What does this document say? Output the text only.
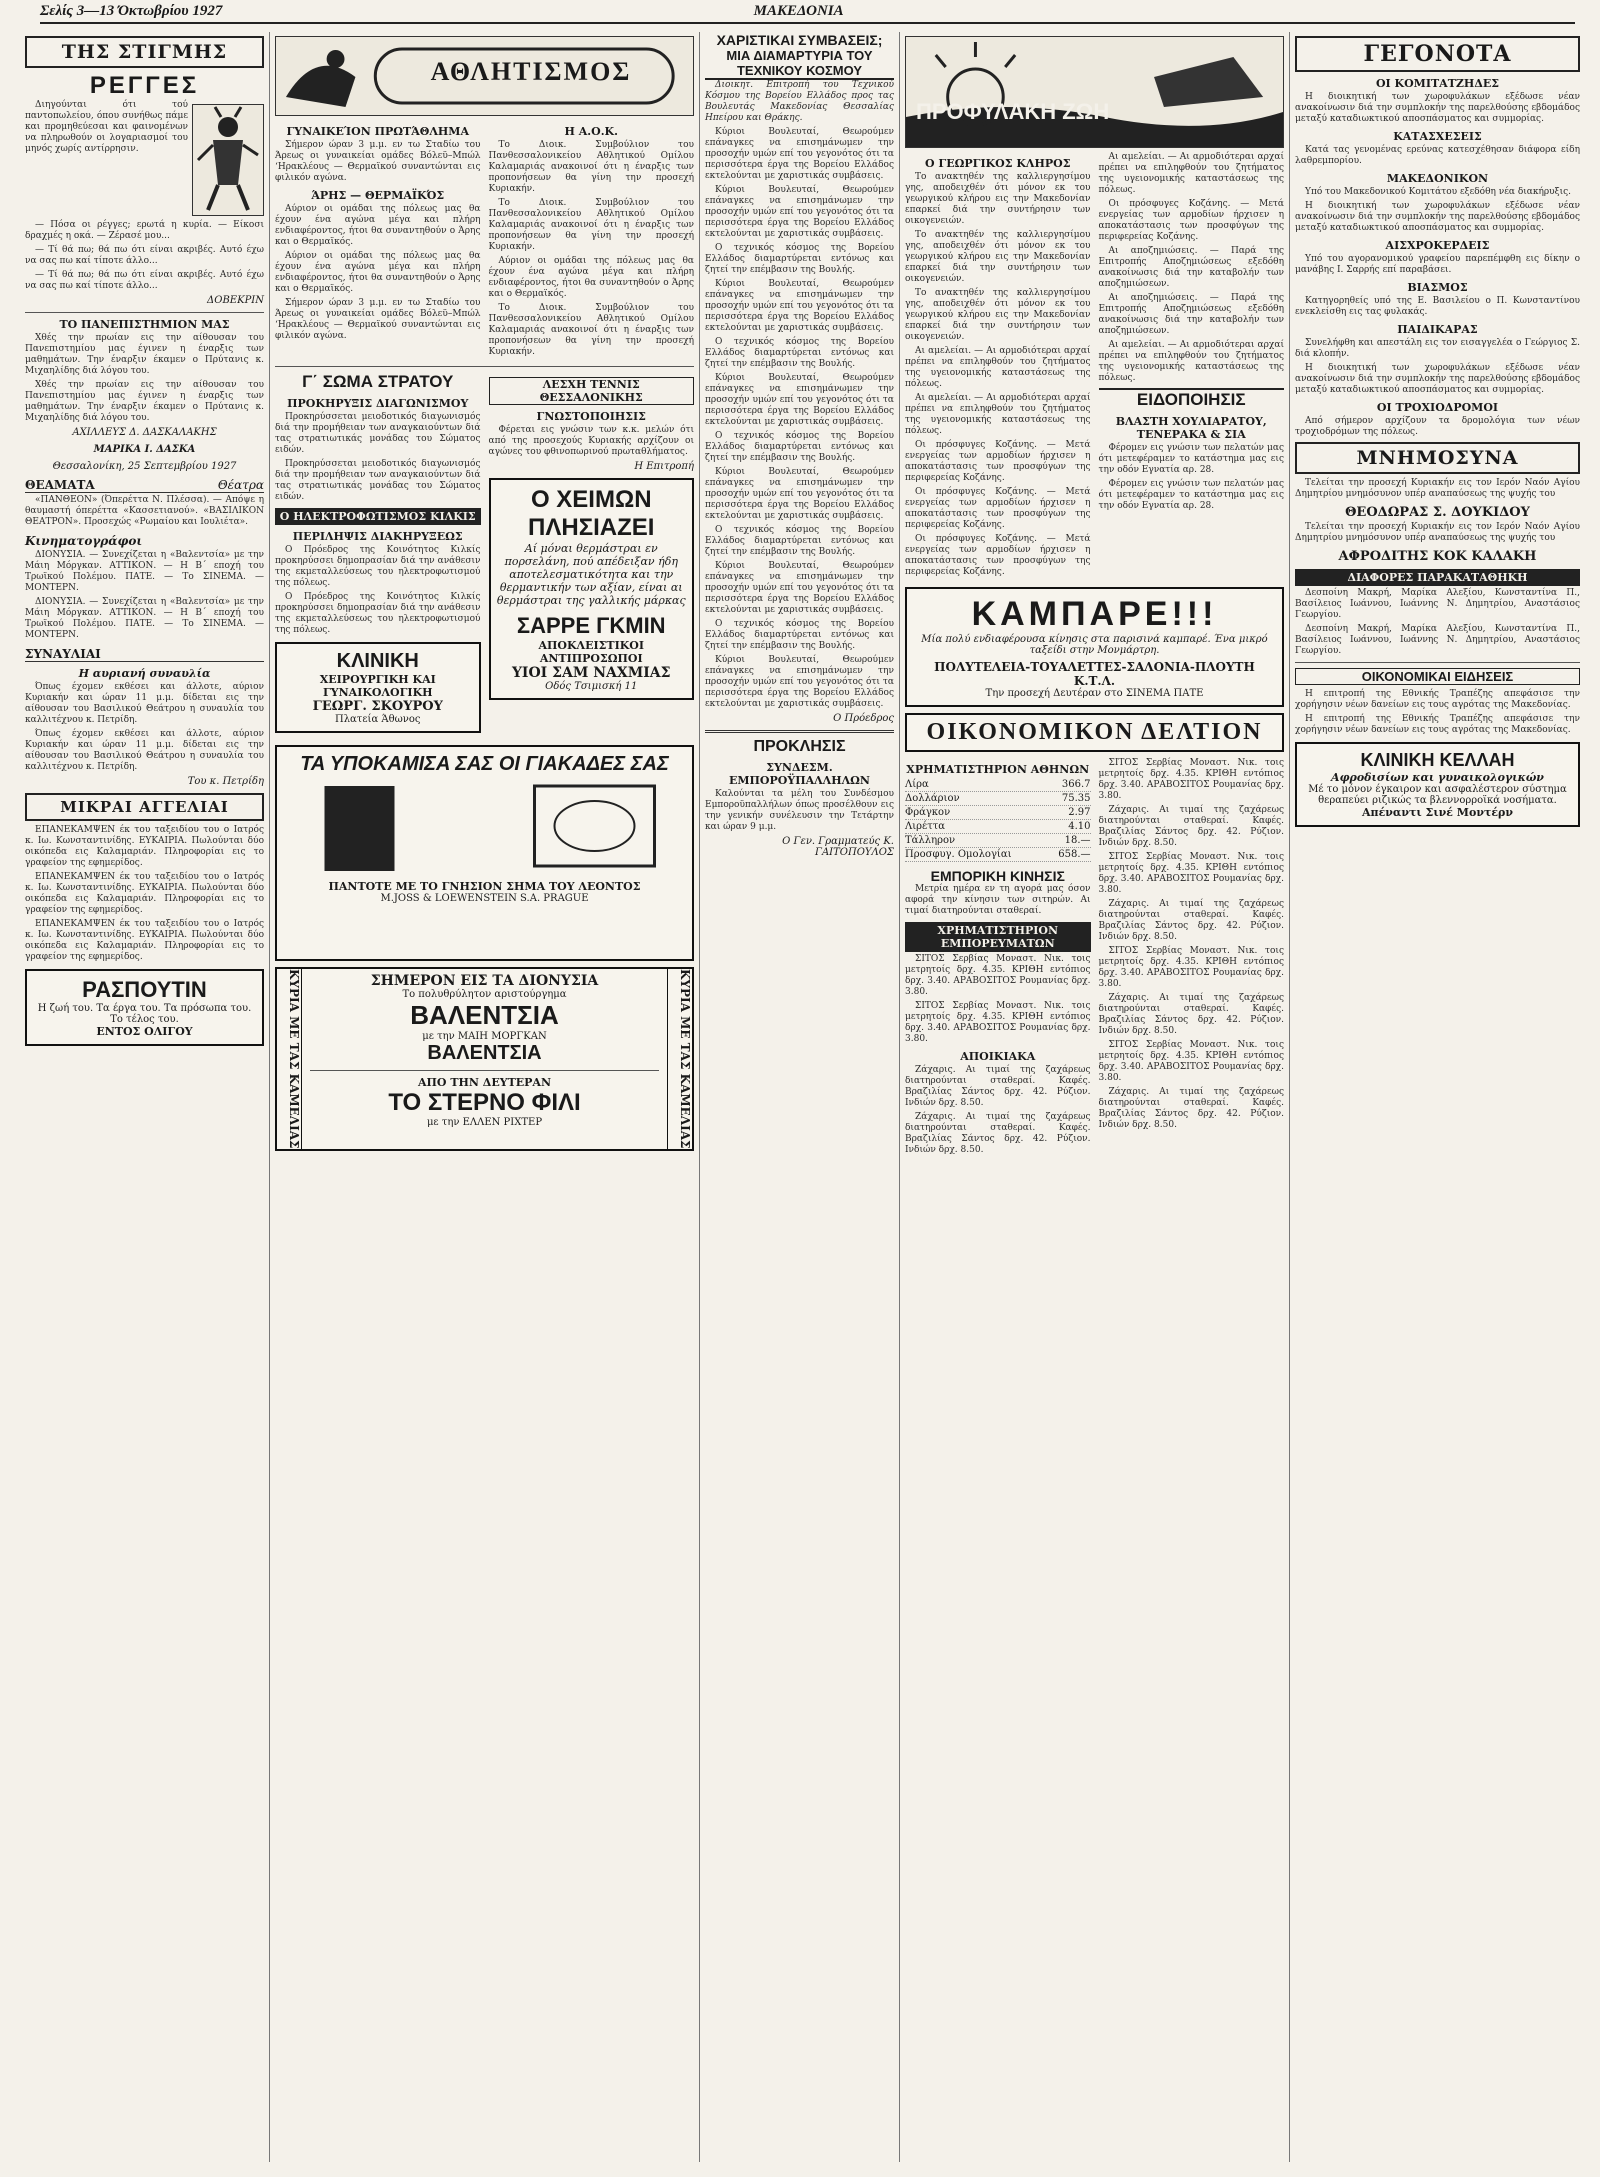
Σελίς 3—13 Όκτωβρίου 1927	ΜΑΚΕΔΟΝΙΑ
ΤΗΣ ΣΤΙΓΜΗΣ
ΡΕΓΓΕΣ

Διηγούνται ότι τού παντοπωλείου, όπου συνήθως πάμε και προμηθεύεσαι και φαινομένων να πληρωθούν οι λογαριασμοί του μηνός χωρίς αντίρρησιν.

— Πόσα οι ρέγγες; ερωτά η κυρία. — Είκοσι δραχμές η οκά. — Ζέρασέ μου...

— Τί θά πω; θά πω ότι είναι ακριβές. Αυτό έχω να σας πω καί τίποτε άλλο...

— Τί θά πω; θά πω ότι είναι ακριβές. Αυτό έχω να σας πω καί τίποτε άλλο...

ΔΟΒΕΚΡΙΝ
ΤΟ ΠΑΝΕΠΙΣΤΗΜΙΟΝ ΜΑΣ

Χθές την πρωίαν εις την αίθουσαν του Πανεπιστημίου μας έγινεν η έναρξις των μαθημάτων. Την έναρξιν έκαμεν ο Πρύτανις κ. Μιχαηλίδης διά λόγου του.

Χθές την πρωίαν εις την αίθουσαν του Πανεπιστημίου μας έγινεν η έναρξις των μαθημάτων. Την έναρξιν έκαμεν ο Πρύτανις κ. Μιχαηλίδης διά λόγου του.

ΑΧΙΛΛΕΥΣ Δ. ΔΑΣΚΑΛΑΚΗΣ
ΜΑΡΙΚΑ Ι. ΔΑΣΚΑ
Θεσσαλονίκη, 25 Σεπτεμβρίου 1927
ΘΕΑΜΑΤΑ	Θέατρα

«ΠΑΝΘΕΟΝ» (Όπερέττα Ν. Πλέσσα). — Απόψε η θαυμαστή όπερέττα «Κασσετιανού». «ΒΑΣΙΛΙΚΟΝ ΘΕΑΤΡΟΝ». Προσεχώς «Ρωμαίου και Ιουλιέτα».

Κινηματογράφοι

ΔΙΟΝΥΣΙΑ. — Συνεχίζεται η «Βαλεντσία» με την Μάιη Μόργκαν. ΑΤΤΙΚΟΝ. — Η Β΄ εποχή του Τρωϊκού Πολέμου. ΠΑΤΕ. — Το ΣΙΝΕΜΑ. — ΜΟΝΤΕΡΝ.

ΔΙΟΝΥΣΙΑ. — Συνεχίζεται η «Βαλεντσία» με την Μάιη Μόργκαν. ΑΤΤΙΚΟΝ. — Η Β΄ εποχή του Τρωϊκού Πολέμου. ΠΑΤΕ. — Το ΣΙΝΕΜΑ. — ΜΟΝΤΕΡΝ.

ΣΥΝΑΥΛΙΑΙ
Η αυριανή συναυλία

Όπως έχομεν εκθέσει και άλλοτε, αύριον Κυριακήν και ώραν 11 μ.μ. δίδεται εις την αίθουσαν του Βασιλικού Θεάτρου η συναυλία του καλλιτέχνου κ. Πετρίδη.

Όπως έχομεν εκθέσει και άλλοτε, αύριον Κυριακήν και ώραν 11 μ.μ. δίδεται εις την αίθουσαν του Βασιλικού Θεάτρου η συναυλία του καλλιτέχνου κ. Πετρίδη.

Του κ. Πετρίδη
ΜΙΚΡΑΙ ΑΓΓΕΛΙΑΙ

ΕΠΑΝΕΚΑΜΨΕΝ έκ του ταξειδίου του ο Ιατρός κ. Ιω. Κωνσταντινίδης. ΕΥΚΑΙΡΙΑ. Πωλούνται δύο οικόπεδα εις Καλαμαριάν. Πληροφορίαι εις το γραφείον της εφημερίδος.

ΕΠΑΝΕΚΑΜΨΕΝ έκ του ταξειδίου του ο Ιατρός κ. Ιω. Κωνσταντινίδης. ΕΥΚΑΙΡΙΑ. Πωλούνται δύο οικόπεδα εις Καλαμαριάν. Πληροφορίαι εις το γραφείον της εφημερίδος.

ΕΠΑΝΕΚΑΜΨΕΝ έκ του ταξειδίου του ο Ιατρός κ. Ιω. Κωνσταντινίδης. ΕΥΚΑΙΡΙΑ. Πωλούνται δύο οικόπεδα εις Καλαμαριάν. Πληροφορίαι εις το γραφείον της εφημερίδος.

ΡΑΣΠΟΥΤΙΝ
Η ζωή του. Τα έργα του. Τα πρόσωπα του. Το τέλος του.
ΕΝΤΟΣ ΟΛΙΓΟΥ
ΑΘΛΗΤΙΣΜΟΣ
ΓΥΝΑΙΚΕΊΟΝ ΠΡΩΤΆΘΛΗΜΑ

Σήμερον ώραν 3 μ.μ. εν τω Σταδίω του Άρεως οι γυναικείαι ομάδες Βόλεϋ–Μπώλ ‘Ηρακλέους — Θερμαϊκού συναντώνται εις φιλικόν αγώνα.

ΆΡΗΣ — ΘΕΡΜΑΪΚΌΣ

Αύριον οι ομάδαι της πόλεως μας θα έχουν ένα αγώνα μέγα και πλήρη ενδιαφέροντος, ήτοι θα συναντηθούν ο Άρης και ο Θερμαϊκός.

Αύριον οι ομάδαι της πόλεως μας θα έχουν ένα αγώνα μέγα και πλήρη ενδιαφέροντος, ήτοι θα συναντηθούν ο Άρης και ο Θερμαϊκός.

Σήμερον ώραν 3 μ.μ. εν τω Σταδίω του Άρεως οι γυναικείαι ομάδες Βόλεϋ–Μπώλ ‘Ηρακλέους — Θερμαϊκού συναντώνται εις φιλικόν αγώνα.

Η Α.Ο.Κ.

Το Διοικ. Συμβούλιον του Πανθεσσαλονικείου Αθλητικού Ομίλου Καλαμαριάς ανακοινοί ότι η έναρξις των προπονήσεων θα γίνη την προσεχή Κυριακήν.

Το Διοικ. Συμβούλιον του Πανθεσσαλονικείου Αθλητικού Ομίλου Καλαμαριάς ανακοινοί ότι η έναρξις των προπονήσεων θα γίνη την προσεχή Κυριακήν.

Αύριον οι ομάδαι της πόλεως μας θα έχουν ένα αγώνα μέγα και πλήρη ενδιαφέροντος, ήτοι θα συναντηθούν ο Άρης και ο Θερμαϊκός.

Το Διοικ. Συμβούλιον του Πανθεσσαλονικείου Αθλητικού Ομίλου Καλαμαριάς ανακοινοί ότι η έναρξις των προπονήσεων θα γίνη την προσεχή Κυριακήν.

Γ΄ ΣΩΜΑ ΣΤΡΑΤΟΥ
ΠΡΟΚΗΡΥΞΙΣ ΔΙΑΓΩΝΙΣΜΟΥ

Προκηρύσσεται μειοδοτικός διαγωνισμός διά την προμήθειαν των αναγκαιούντων διά τας στρατιωτικάς μονάδας του Σώματος ειδών.

Προκηρύσσεται μειοδοτικός διαγωνισμός διά την προμήθειαν των αναγκαιούντων διά τας στρατιωτικάς μονάδας του Σώματος ειδών.

Ο ΗΛΕΚΤΡΟΦΩΤΙΣΜΟΣ ΚΙΛΚΙΣ
ΠΕΡΙΛΗΨΙΣ ΔΙΑΚΗΡΥΞΕΩΣ

Ο Πρόεδρος της Κοινότητος Κιλκίς προκηρύσσει δημοπρασίαν διά την ανάθεσιν της εκμεταλλεύσεως του ηλεκτροφωτισμού της πόλεως.

Ο Πρόεδρος της Κοινότητος Κιλκίς προκηρύσσει δημοπρασίαν διά την ανάθεσιν της εκμεταλλεύσεως του ηλεκτροφωτισμού της πόλεως.

ΚΛΙΝΙΚΗ
ΧΕΙΡΟΥΡΓΙΚΗ ΚΑΙ ΓΥΝΑΙΚΟΛΟΓΙΚΗ
ΓΕΩΡΓ. ΣΚΟΥΡΟΥ
Πλατεία Άθωνος
ΛΕΣΧΗ ΤΕΝΝΙΣ ΘΕΣΣΑΛΟΝΙΚΗΣ
ΓΝΩΣΤΟΠΟΙΗΣΙΣ

Φέρεται εις γνώσιν των κ.κ. μελών ότι από της προσεχούς Κυριακής αρχίζουν οι αγώνες του φθινοπωρινού πρωταθλήματος.

Η Επιτροπή
Ο ΧΕΙΜΩΝ ΠΛΗΣΙΑΖΕΙ
Αί μόναι θερμάστραι εν πορσελάνη, πού απέδειξαν ήδη αποτελεσματικότητα και την θερμαντικήν των αξίαν, είναι αι θερμάστραι της γαλλικής μάρκας
ΣΑΡΡΕ ΓΚΜΙΝ
ΑΠΟΚΛΕΙΣΤΙΚΟΙ ΑΝΤΙΠΡΟΣΩΠΟΙ
ΥΙΟΙ ΣΑΜ ΝΑΧΜΙΑΣ
Οδός Τσιμισκή 11
ΤΑ ΥΠΟΚΑΜΙΣΑ ΣΑΣ ΟΙ ΓΙΑΚΑΔΕΣ ΣΑΣ
ΠΑΝΤΟΤΕ ΜΕ ΤΟ ΓΝΗΣΙΟΝ ΣΗΜΑ ΤΟΥ ΛΕΟΝΤΟΣ
M.JOSS & LOEWENSTEIN S.A. PRAGUE
ΚΥΡΙΑ ΜΕ ΤΑΣ ΚΑΜΕΛΙΑΣ	ΣΗΜΕΡΟΝ ΕΙΣ ΤΑ ΔΙΟΝΥΣΙΑ
Το πολυθρύλητον αριστούργημα
ΒΑΛΕΝΤΣΙΑ
με την ΜΑΙΗ ΜΟΡΓΚΑΝ
ΒΑΛΕΝΤΣΙΑ
ΑΠΟ ΤΗΝ ΔΕΥΤΕΡΑΝ
ΤΟ ΣΤΕΡΝΟ ΦΙΛΙ
με την ΕΛΛΕΝ ΡΙΧΤΕΡ	ΚΥΡΙΑ ΜΕ ΤΑΣ ΚΑΜΕΛΙΑΣ
ΧΑΡΙΣΤΙΚΑΙ ΣΥΜΒΑΣΕΙΣ;
ΜΙΑ ΔΙΑΜΑΡΤΥΡΙΑ ΤΟΥ ΤΕΧΝΙΚΟΥ ΚΟΣΜΟΥ

Διοικητ. Επιτροπή του Τεχνικού Κόσμου της Βορείου Ελλάδος προς τας Βουλευτάς Μακεδονίας Θεσσαλίας Ηπείρου και Θράκης.

Κύριοι Βουλευταί, Θεωρούμεν επάναγκες να επισημάνωμεν την προσοχήν υμών επί του γεγονότος ότι τα περισσότερα έργα της Βορείου Ελλάδος εκτελούνται με χαριστικάς συμβάσεις.

Κύριοι Βουλευταί, Θεωρούμεν επάναγκες να επισημάνωμεν την προσοχήν υμών επί του γεγονότος ότι τα περισσότερα έργα της Βορείου Ελλάδος εκτελούνται με χαριστικάς συμβάσεις.

Ο τεχνικός κόσμος της Βορείου Ελλάδος διαμαρτύρεται εντόνως και ζητεί την επέμβασιν της Βουλής.

Κύριοι Βουλευταί, Θεωρούμεν επάναγκες να επισημάνωμεν την προσοχήν υμών επί του γεγονότος ότι τα περισσότερα έργα της Βορείου Ελλάδος εκτελούνται με χαριστικάς συμβάσεις.

Ο τεχνικός κόσμος της Βορείου Ελλάδος διαμαρτύρεται εντόνως και ζητεί την επέμβασιν της Βουλής.

Κύριοι Βουλευταί, Θεωρούμεν επάναγκες να επισημάνωμεν την προσοχήν υμών επί του γεγονότος ότι τα περισσότερα έργα της Βορείου Ελλάδος εκτελούνται με χαριστικάς συμβάσεις.

Ο τεχνικός κόσμος της Βορείου Ελλάδος διαμαρτύρεται εντόνως και ζητεί την επέμβασιν της Βουλής.

Κύριοι Βουλευταί, Θεωρούμεν επάναγκες να επισημάνωμεν την προσοχήν υμών επί του γεγονότος ότι τα περισσότερα έργα της Βορείου Ελλάδος εκτελούνται με χαριστικάς συμβάσεις.

Ο τεχνικός κόσμος της Βορείου Ελλάδος διαμαρτύρεται εντόνως και ζητεί την επέμβασιν της Βουλής.

Κύριοι Βουλευταί, Θεωρούμεν επάναγκες να επισημάνωμεν την προσοχήν υμών επί του γεγονότος ότι τα περισσότερα έργα της Βορείου Ελλάδος εκτελούνται με χαριστικάς συμβάσεις.

Ο τεχνικός κόσμος της Βορείου Ελλάδος διαμαρτύρεται εντόνως και ζητεί την επέμβασιν της Βουλής.

Κύριοι Βουλευταί, Θεωρούμεν επάναγκες να επισημάνωμεν την προσοχήν υμών επί του γεγονότος ότι τα περισσότερα έργα της Βορείου Ελλάδος εκτελούνται με χαριστικάς συμβάσεις.

Ο Πρόεδρος
ΠΡΟΚΛΗΣΙΣ
ΣΥΝΔΕΣΜ. ΕΜΠΟΡΟΫΠΑΛΛΗΛΩΝ

Καλούνται τα μέλη του Συνδέσμου Εμποροϋπαλλήλων όπως προσέλθουν εις την γενικήν συνέλευσιν την Τετάρτην και ώραν 9 μ.μ.

Ο Γεν. Γραμματεύς Κ. ΓΑΙΤΟΠΟΥΛΟΣ
ΠΡΟΦΥΛΑΚΗ ΖΩΗ
Ο ΓΕΩΡΓΙΚΟΣ ΚΛΗΡΟΣ

Το ανακτηθέν της καλλιεργησίμου γης, αποδειχθέν ότι μόνον εκ του γεωργικού κλήρου εις την Μακεδονίαν επαρκεί διά την συντήρησιν των οικογενειών.

Το ανακτηθέν της καλλιεργησίμου γης, αποδειχθέν ότι μόνον εκ του γεωργικού κλήρου εις την Μακεδονίαν επαρκεί διά την συντήρησιν των οικογενειών.

Το ανακτηθέν της καλλιεργησίμου γης, αποδειχθέν ότι μόνον εκ του γεωργικού κλήρου εις την Μακεδονίαν επαρκεί διά την συντήρησιν των οικογενειών.

Αι αμελείαι. — Αι αρμοδιότεραι αρχαί πρέπει να επιληφθούν του ζητήματος της υγειονομικής καταστάσεως της πόλεως.

Αι αμελείαι. — Αι αρμοδιότεραι αρχαί πρέπει να επιληφθούν του ζητήματος της υγειονομικής καταστάσεως της πόλεως.

Οι πρόσφυγες Κοζάνης. — Μετά ενεργείας των αρμοδίων ήρχισεν η αποκατάστασις των προσφύγων της περιφερείας Κοζάνης.

Οι πρόσφυγες Κοζάνης. — Μετά ενεργείας των αρμοδίων ήρχισεν η αποκατάστασις των προσφύγων της περιφερείας Κοζάνης.

Οι πρόσφυγες Κοζάνης. — Μετά ενεργείας των αρμοδίων ήρχισεν η αποκατάστασις των προσφύγων της περιφερείας Κοζάνης.

Αι αμελείαι. — Αι αρμοδιότεραι αρχαί πρέπει να επιληφθούν του ζητήματος της υγειονομικής καταστάσεως της πόλεως.

Οι πρόσφυγες Κοζάνης. — Μετά ενεργείας των αρμοδίων ήρχισεν η αποκατάστασις των προσφύγων της περιφερείας Κοζάνης.

Αι αποζημιώσεις. — Παρά της Επιτροπής Αποζημιώσεως εξεδόθη ανακοίνωσις διά την καταβολήν των αποζημιώσεων.

Αι αποζημιώσεις. — Παρά της Επιτροπής Αποζημιώσεως εξεδόθη ανακοίνωσις διά την καταβολήν των αποζημιώσεων.

Αι αμελείαι. — Αι αρμοδιότεραι αρχαί πρέπει να επιληφθούν του ζητήματος της υγειονομικής καταστάσεως της πόλεως.

ΕΙΔΟΠΟΙΗΣΙΣ
ΒΛΑΣΤΗ ΧΟΥΛΙΑΡΑΤΟΥ, ΤΕΝΕΡΑΚΑ & ΣΙΑ

Φέρομεν εις γνώσιν των πελατών μας ότι μετεφέραμεν το κατάστημα μας εις την οδόν Εγνατία αρ. 28.

Φέρομεν εις γνώσιν των πελατών μας ότι μετεφέραμεν το κατάστημα μας εις την οδόν Εγνατία αρ. 28.

ΚΑΜΠΑΡΕ!!!
Μία πολύ ενδιαφέρουσα κίνησις στα παρισινά καμπαρέ. Ένα μικρό ταξείδι στην Μονμάρτρη.
ΠΟΛΥΤΕΛΕΙΑ-ΤΟΥΑΛΕΤΤΕΣ-ΣΑΛΟΝΙΑ-ΠΛΟΥΤΗ Κ.Τ.Λ.
Την προσεχή Δευτέραν στο ΣΙΝΕΜΑ ΠΑΤΕ
ΟΙΚΟΝΟΜΙΚΟΝ ΔΕΛΤΙΟΝ
ΧΡΗΜΑΤΙΣΤΗΡΙΟΝ ΑΘΗΝΩΝ
Λίρα	366.7
Δολλάριον	75.35
Φράγκον	2.97
Λιρέττα	4.10
Τάλληρον	18.—
Προσφυγ. Ομολογίαι	658.—
ΕΜΠΟΡΙΚΗ ΚΙΝΗΣΙΣ

Μετρία ημέρα εν τη αγορά μας όσον αφορά την κίνησιν των σιτηρών. Αι τιμαί διατηρούνται σταθεραί.

ΧΡΗΜΑΤΙΣΤΗΡΙΟΝ ΕΜΠΟΡΕΥΜΑΤΩΝ

ΣΙΤΟΣ Σερβίας Μοναστ. Νικ. τοις μετρητοίς δρχ. 4.35. ΚΡΙΘΗ εντόπιος δρχ. 3.40. ΑΡΑΒΟΣΙΤΟΣ Ρουμανίας δρχ. 3.80.

ΣΙΤΟΣ Σερβίας Μοναστ. Νικ. τοις μετρητοίς δρχ. 4.35. ΚΡΙΘΗ εντόπιος δρχ. 3.40. ΑΡΑΒΟΣΙΤΟΣ Ρουμανίας δρχ. 3.80.

ΑΠΟΙΚΙΑΚΑ

Ζάχαρις. Αι τιμαί της ζαχάρεως διατηρούνται σταθεραί. Καφές. Βραζιλίας Σάντος δρχ. 42. Ρύζιον. Ινδιών δρχ. 8.50.

Ζάχαρις. Αι τιμαί της ζαχάρεως διατηρούνται σταθεραί. Καφές. Βραζιλίας Σάντος δρχ. 42. Ρύζιον. Ινδιών δρχ. 8.50.

ΣΙΤΟΣ Σερβίας Μοναστ. Νικ. τοις μετρητοίς δρχ. 4.35. ΚΡΙΘΗ εντόπιος δρχ. 3.40. ΑΡΑΒΟΣΙΤΟΣ Ρουμανίας δρχ. 3.80.

Ζάχαρις. Αι τιμαί της ζαχάρεως διατηρούνται σταθεραί. Καφές. Βραζιλίας Σάντος δρχ. 42. Ρύζιον. Ινδιών δρχ. 8.50.

ΣΙΤΟΣ Σερβίας Μοναστ. Νικ. τοις μετρητοίς δρχ. 4.35. ΚΡΙΘΗ εντόπιος δρχ. 3.40. ΑΡΑΒΟΣΙΤΟΣ Ρουμανίας δρχ. 3.80.

Ζάχαρις. Αι τιμαί της ζαχάρεως διατηρούνται σταθεραί. Καφές. Βραζιλίας Σάντος δρχ. 42. Ρύζιον. Ινδιών δρχ. 8.50.

ΣΙΤΟΣ Σερβίας Μοναστ. Νικ. τοις μετρητοίς δρχ. 4.35. ΚΡΙΘΗ εντόπιος δρχ. 3.40. ΑΡΑΒΟΣΙΤΟΣ Ρουμανίας δρχ. 3.80.

Ζάχαρις. Αι τιμαί της ζαχάρεως διατηρούνται σταθεραί. Καφές. Βραζιλίας Σάντος δρχ. 42. Ρύζιον. Ινδιών δρχ. 8.50.

ΣΙΤΟΣ Σερβίας Μοναστ. Νικ. τοις μετρητοίς δρχ. 4.35. ΚΡΙΘΗ εντόπιος δρχ. 3.40. ΑΡΑΒΟΣΙΤΟΣ Ρουμανίας δρχ. 3.80.

Ζάχαρις. Αι τιμαί της ζαχάρεως διατηρούνται σταθεραί. Καφές. Βραζιλίας Σάντος δρχ. 42. Ρύζιον. Ινδιών δρχ. 8.50.

ΓΕΓΟΝΟΤΑ
ΟΙ ΚΟΜΙΤΑΤΖΗΔΕΣ

Η διοικητική των χωροφυλάκων εξέδωσε νέαν ανακοίνωσιν διά την συμπλοκήν της παρελθούσης εβδομάδος μεταξύ καταδιωκτικού αποσπάσματος και συμμορίας.

ΚΑΤΑΣΧΕΣΕΙΣ

Κατά τας γενομένας ερεύνας κατεσχέθησαν διάφορα είδη λαθρεμπορίου.

ΜΑΚΕΔΟΝΙΚΟΝ

Υπό του Μακεδονικού Κομιτάτου εξεδόθη νέα διακήρυξις.

Η διοικητική των χωροφυλάκων εξέδωσε νέαν ανακοίνωσιν διά την συμπλοκήν της παρελθούσης εβδομάδος μεταξύ καταδιωκτικού αποσπάσματος και συμμορίας.

ΑΙΣΧΡΟΚΕΡΔΕΙΣ

Υπό του αγορανομικού γραφείου παρεπέμφθη εις δίκην ο μανάβης Ι. Σαρρής επί παραβάσει.

ΒΙΑΣΜΟΣ

Κατηγορηθείς υπό της Ε. Βασιλείου ο Π. Κωνσταντίνου ενεκλείσθη εις τας φυλακάς.

ΠΑΙΔΙΚΑΡΑΣ

Συνελήφθη και απεστάλη εις τον εισαγγελέα ο Γεώργιος Σ. διά κλοπήν.

Η διοικητική των χωροφυλάκων εξέδωσε νέαν ανακοίνωσιν διά την συμπλοκήν της παρελθούσης εβδομάδος μεταξύ καταδιωκτικού αποσπάσματος και συμμορίας.

ΟΙ ΤΡΟΧΙΟΔΡΟΜΟΙ

Από σήμερον αρχίζουν τα δρομολόγια των νέων τροχιοδρόμων της πόλεως.

ΜΝΗΜΟΣΥΝΑ

Τελείται την προσεχή Κυριακήν εις τον Ιερόν Ναόν Αγίου Δημητρίου μνημόσυνον υπέρ αναπαύσεως της ψυχής του

ΘΕΟΔΩΡΑΣ Σ. ΔΟΥΚΙΔΟΥ

Τελείται την προσεχή Κυριακήν εις τον Ιερόν Ναόν Αγίου Δημητρίου μνημόσυνον υπέρ αναπαύσεως της ψυχής του

ΑΦΡΟΔΙΤΗΣ ΚΟΚ ΚΑΛΑΚΗ
ΔΙΑΦΟΡΕΣ ΠΑΡΑΚΑΤΑΘΗΚΗ

Δεσποίνη Μακρή, Μαρίκα Αλεξίου, Κωνσταντίνα Π., Βασίλειος Ιωάννου, Ιωάννης Ν. Δημητρίου, Αναστάσιος Γεωργίου.

Δεσποίνη Μακρή, Μαρίκα Αλεξίου, Κωνσταντίνα Π., Βασίλειος Ιωάννου, Ιωάννης Ν. Δημητρίου, Αναστάσιος Γεωργίου.

ΟΙΚΟΝΟΜΙΚΑΙ ΕΙΔΗΣΕΙΣ

Η επιτροπή της Εθνικής Τραπέζης απεφάσισε την χορήγησιν νέων δανείων εις τους αγρότας της Μακεδονίας.

Η επιτροπή της Εθνικής Τραπέζης απεφάσισε την χορήγησιν νέων δανείων εις τους αγρότας της Μακεδονίας.

ΚΛΙΝΙΚΗ ΚΕΛΛΑΗ
Αφροδισίων και γυναικολογικών
Μέ το μόνον έγκαιρον και ασφαλέστερον σύστημα θεραπεύει ριζικώς τα βλεννορροϊκά νοσήματα.
Απέναντι Σινέ Μοντέρν
